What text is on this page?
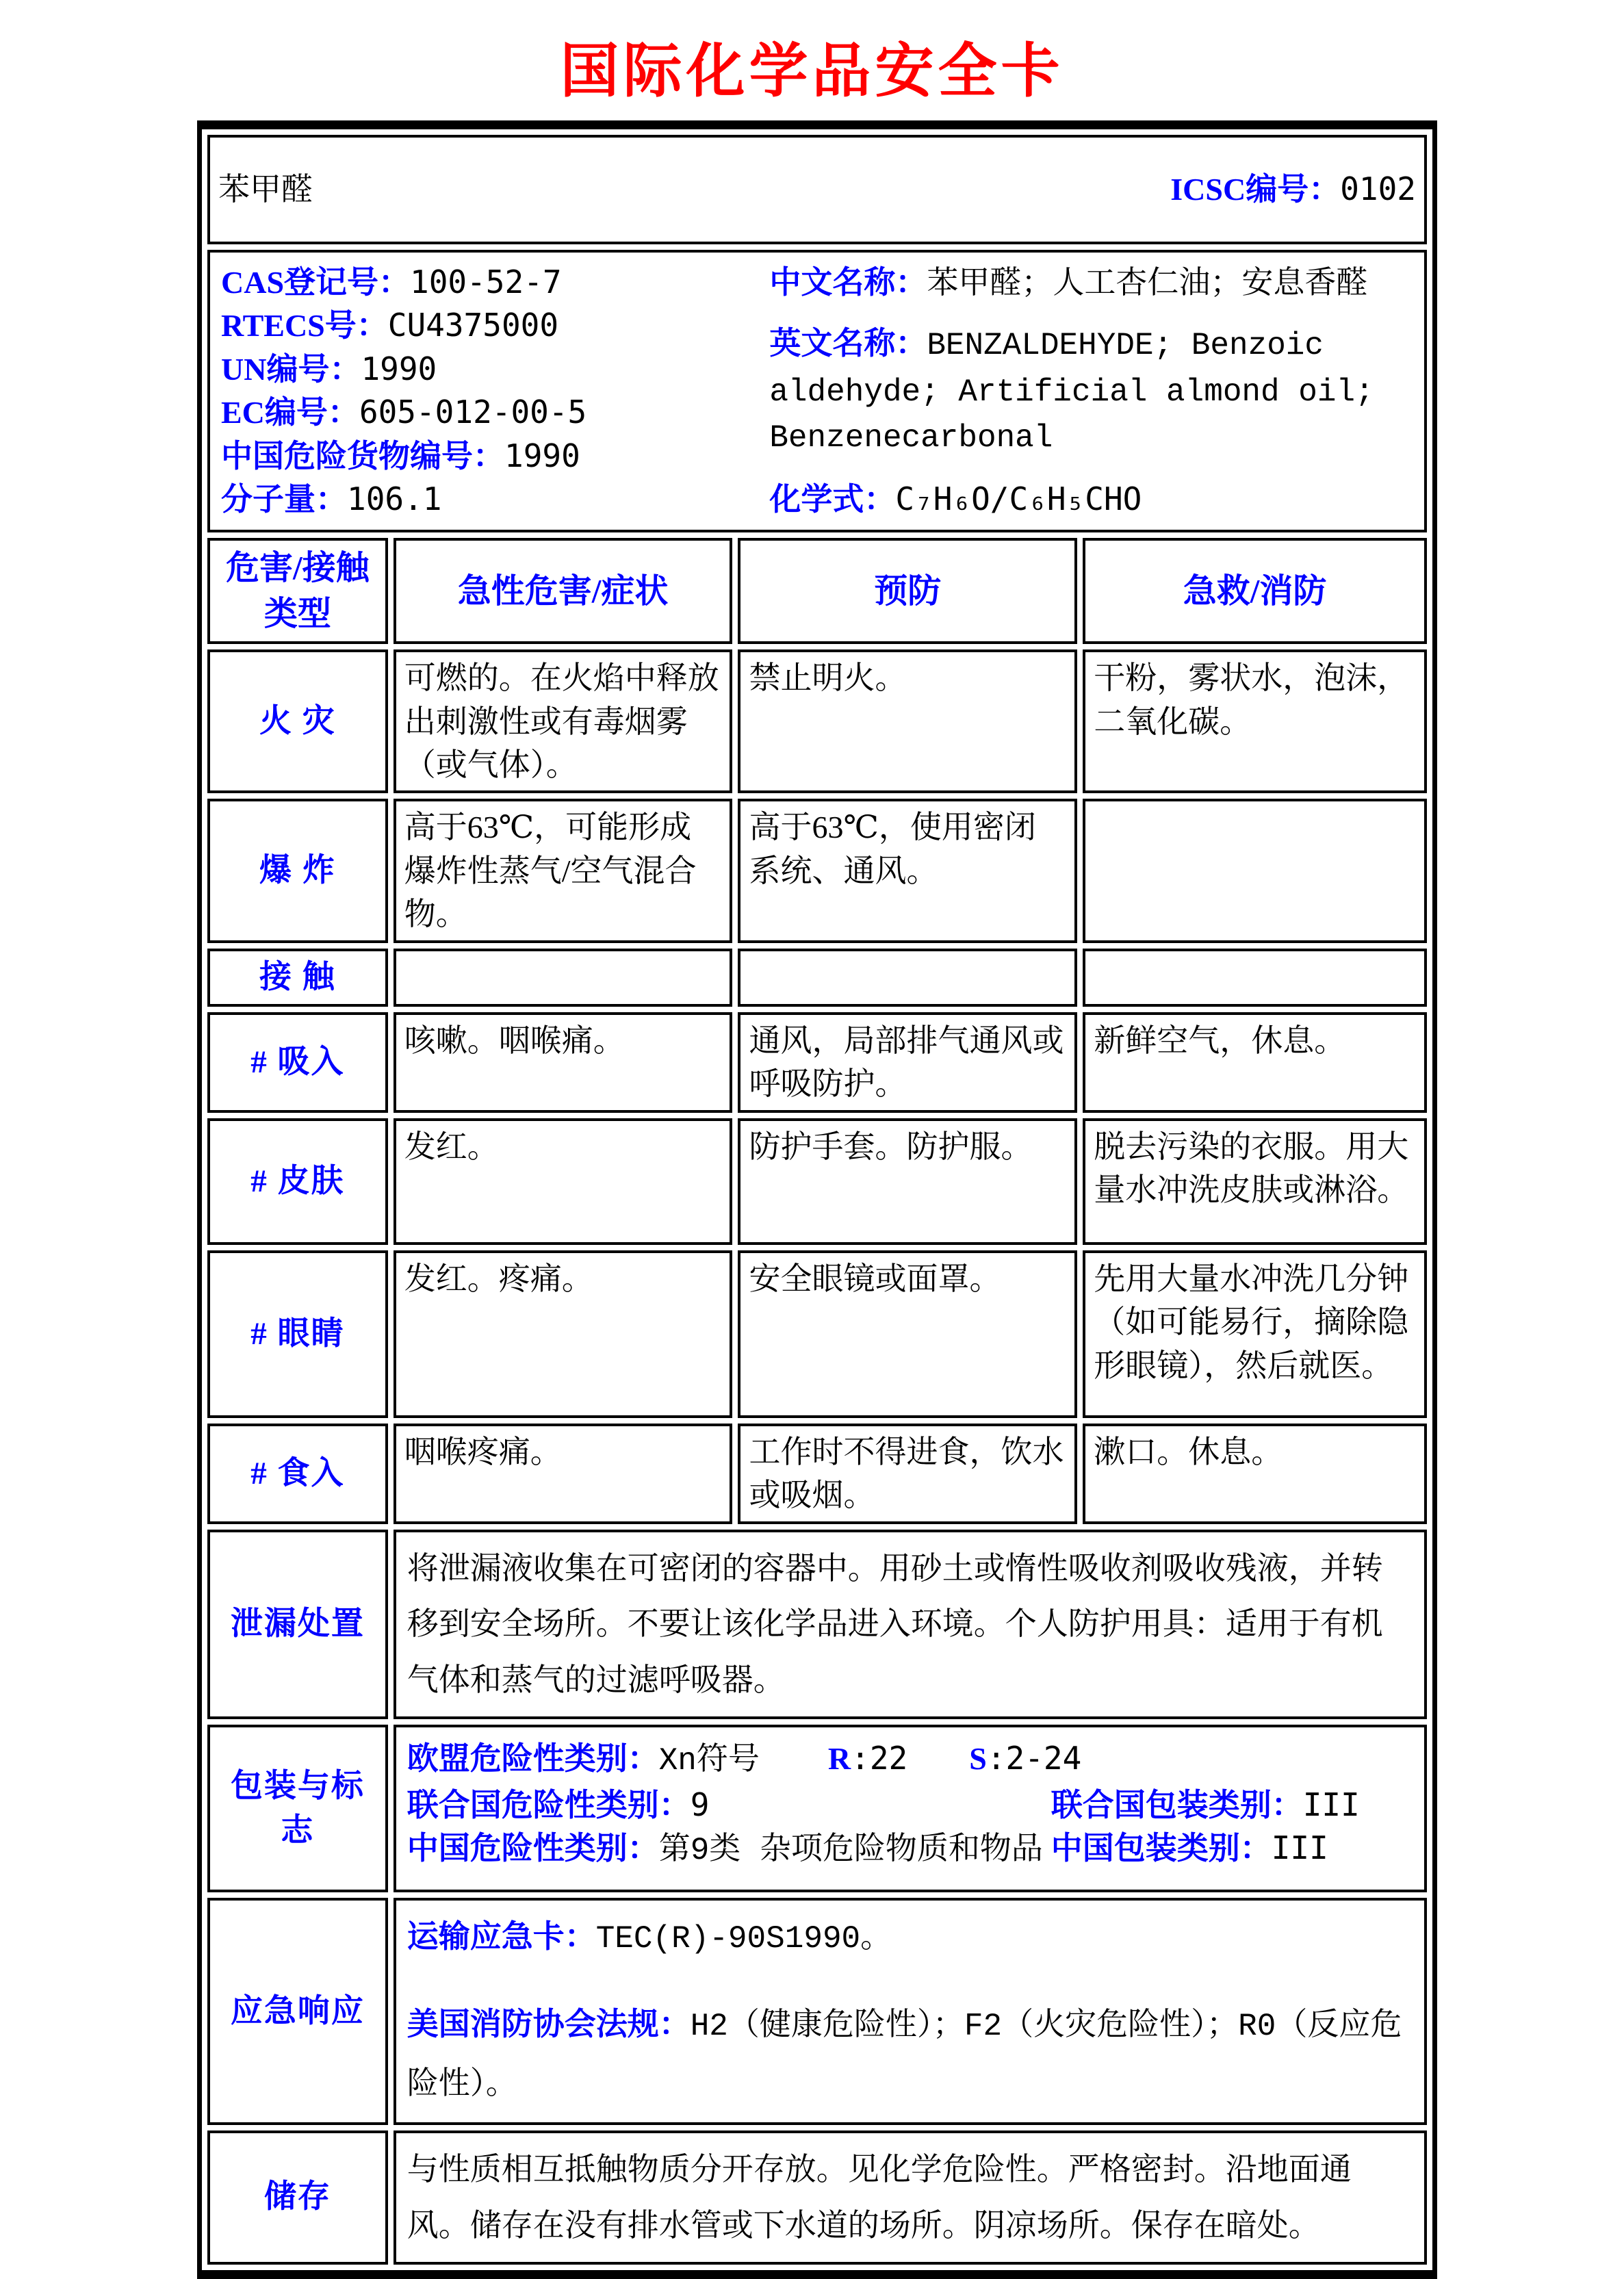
国际化学品安全卡
苯甲醛 ICSC编号：0102			

CAS登记号：100-52-7
RTECS号：CU4375000
UN编号：1990
EC编号：605-012-00-5
中国危险货物编号：1990
分子量：106.1
中文名称：苯甲醛；人工杏仁油；安息香醛
英文名称：BENZALDEHYDE; Benzoic aldehyde; Artificial almond oil; Benzenecarbonal
化学式：C₇H₆O/C₆H₅CHO

危害/接触类型	急性危害/症状	预防	急救/消防
火 灾	可燃的。在火焰中释放出刺激性或有毒烟雾（或气体）。	禁止明火。	干粉，雾状水，泡沫，二氧化碳。
爆 炸	高于63℃，可能形成爆炸性蒸气/空气混合物。	高于63℃，使用密闭系统、通风。	
接 触			
# 吸入	咳嗽。咽喉痛。	通风，局部排气通风或呼吸防护。	新鲜空气，休息。
# 皮肤	发红。	防护手套。防护服。	脱去污染的衣服。用大量水冲洗皮肤或淋浴。
# 眼睛	发红。疼痛。	安全眼镜或面罩。	先用大量水冲洗几分钟（如可能易行，摘除隐形眼镜），然后就医。
# 食入	咽喉疼痛。	工作时不得进食，饮水或吸烟。	漱口。休息。
泄漏处置	将泄漏液收集在可密闭的容器中。用砂土或惰性吸收剂吸收残液，并转移到安全场所。不要让该化学品进入环境。个人防护用具：适用于有机气体和蒸气的过滤呼吸器。		
包装与标志	欧盟危险性类别：Xn符号 R:22 S:2-24
联合国危险性类别：9 联合国包装类别：III
中国危险性类别：第9类 杂项危险物质和物品 中国包装类别：III		

应急响应	运输应急卡：TEC(R)-90S1990。
美国消防协会法规：H2（健康危险性）；F2（火灾危险性）；R0（反应危险性）。		

储存	与性质相互抵触物质分开存放。见化学危险性。严格密封。沿地面通风。储存在没有排水管或下水道的场所。阴凉场所。保存在暗处。		
